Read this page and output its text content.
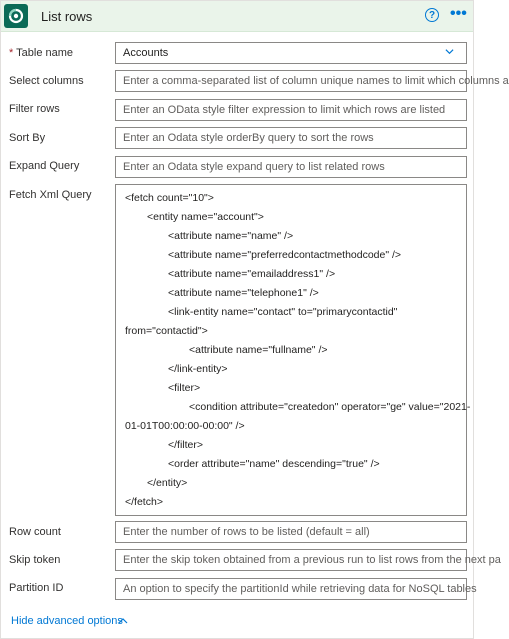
List rows	? •••
* Table name	Accounts
Select columns	Enter a comma-separated list of column unique names to limit which columns a
Filter rows	Enter an OData style filter expression to limit which rows are listed
Sort By	Enter an Odata style orderBy query to sort the rows
Expand Query	Enter an Odata style expand query to list related rows
Fetch Xml Query	<fetch count="10">
<entity name="account">
<attribute name="name" />
<attribute name="preferredcontactmethodcode" />
<attribute name="emailaddress1" />
<attribute name="telephone1" />
<link-entity name="contact" to="primarycontactid"
from="contactid">
<attribute name="fullname" />
</link-entity>
<filter>
<condition attribute="createdon" operator="ge" value="2021-
01-01T00:00:00-00:00" />
</filter>
<order attribute="name" descending="true" />
</entity>
</fetch>
Row count	Enter the number of rows to be listed (default = all)
Skip token	Enter the skip token obtained from a previous run to list rows from the next pa
Partition ID	An option to specify the partitionId while retrieving data for NoSQL tables
Hide advanced options
